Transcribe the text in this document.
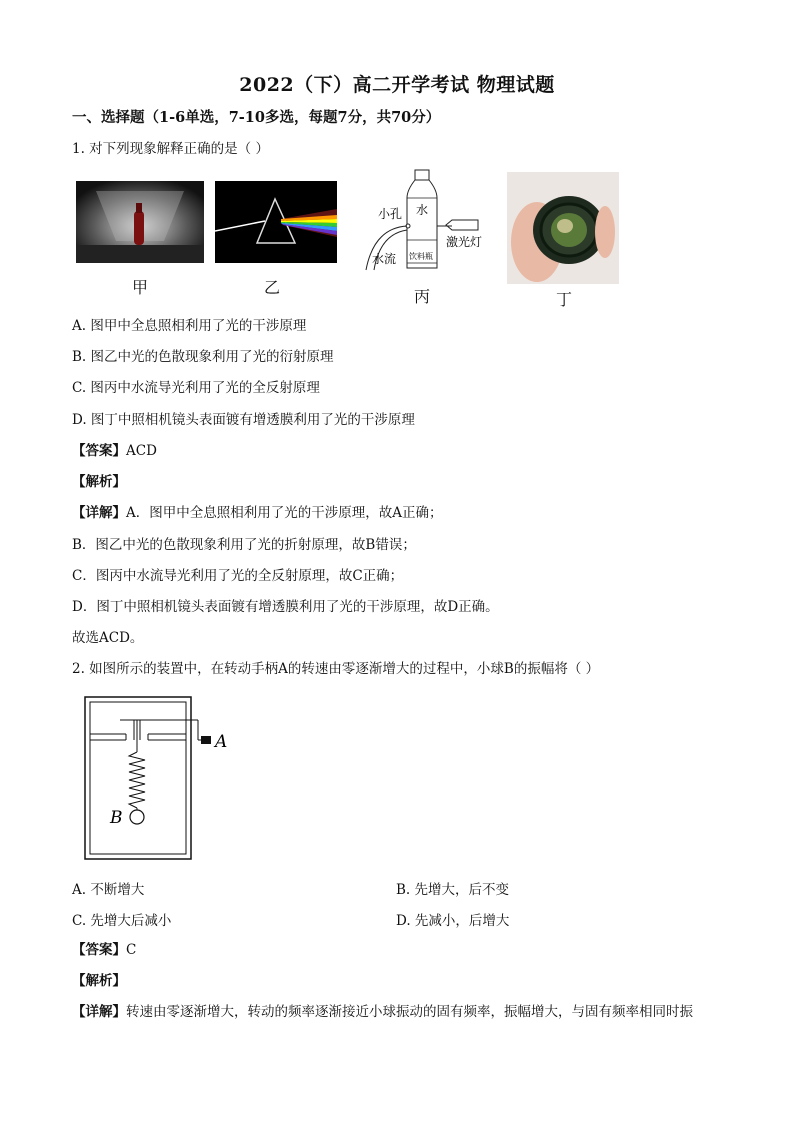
2022（下）高二开学考试 物理试题
一、选择题（1-6单选，7-10多选，每题7分，共70分）
1. 对下列现象解释正确的是（ ）
甲	乙
小孔 水
水流 饮料瓶
激光灯
丙	丁
A. 图甲中全息照相利用了光的干涉原理
B. 图乙中光的色散现象利用了光的衍射原理
C. 图丙中水流导光利用了光的全反射原理
D. 图丁中照相机镜头表面镀有增透膜利用了光的干涉原理
【答案】ACD
【解析】
【详解】A．图甲中全息照相利用了光的干涉原理，故A正确；
B．图乙中光的色散现象利用了光的折射原理，故B错误；
C．图丙中水流导光利用了光的全反射原理，故C正确；
D．图丁中照相机镜头表面镀有增透膜利用了光的干涉原理，故D正确。
故选ACD。
2. 如图所示的装置中，在转动手柄A的转速由零逐渐增大的过程中，小球B的振幅将（ ）
A
B
A. 不断增大	B. 先增大，后不变
C. 先增大后减小	D. 先减小，后增大
【答案】C
【解析】
【详解】转速由零逐渐增大，转动的频率逐渐接近小球振动的固有频率，振幅增大，与固有频率相同时振
